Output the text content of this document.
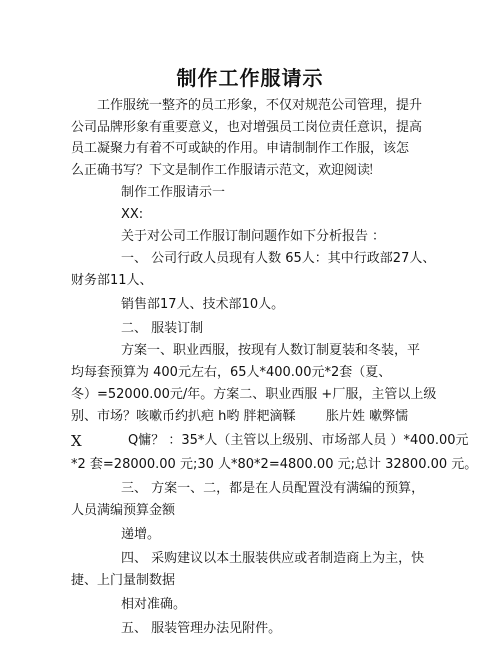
制作工作服请示
工作服统一整齐的员工形象，不仅对规范公司管理，提升
公司品牌形象有重要意义，也对增强员工岗位责任意识，提高
员工凝聚力有着不可或缺的作用。申请制制作工作服，该怎
么正确书写？下文是制作工作服请示范文，欢迎阅读
！
制作工作服请示一
XX:
关于对公司工作服订制问题作如下分析报告 ：
一、 公司行政人员现有人数 65人：其中行政部27人、
财务部11人、
销售部17人、技术部10人。
二、 服装订制
方案一、职业西服，按现有人数订制夏装和冬装，平
均每套预算为 400元左右，65人*400.00元*2套（夏、
冬）=52000.00元/年。方案二、职业西服 +厂服，主管以上级
别、市场？咳嗽币约扒疤 h哟 胖耙滴鞣 胀片姓 嗽弊懦
X	Q慵？ ：35*人（主管以上级别、市场部人员 ）*400.00元
*2 套=28000.00 元;30 人*80*2=4800.00 元;总计 32800.00 元。
三、 方案一、二，都是在人员配置没有满编的预算，
人员满编预算金额
递增。
四、 采购建议以本土服装供应或者制造商上为主，快
捷、上门量制数据
相对准确。
五、 服装管理办法见附件。
